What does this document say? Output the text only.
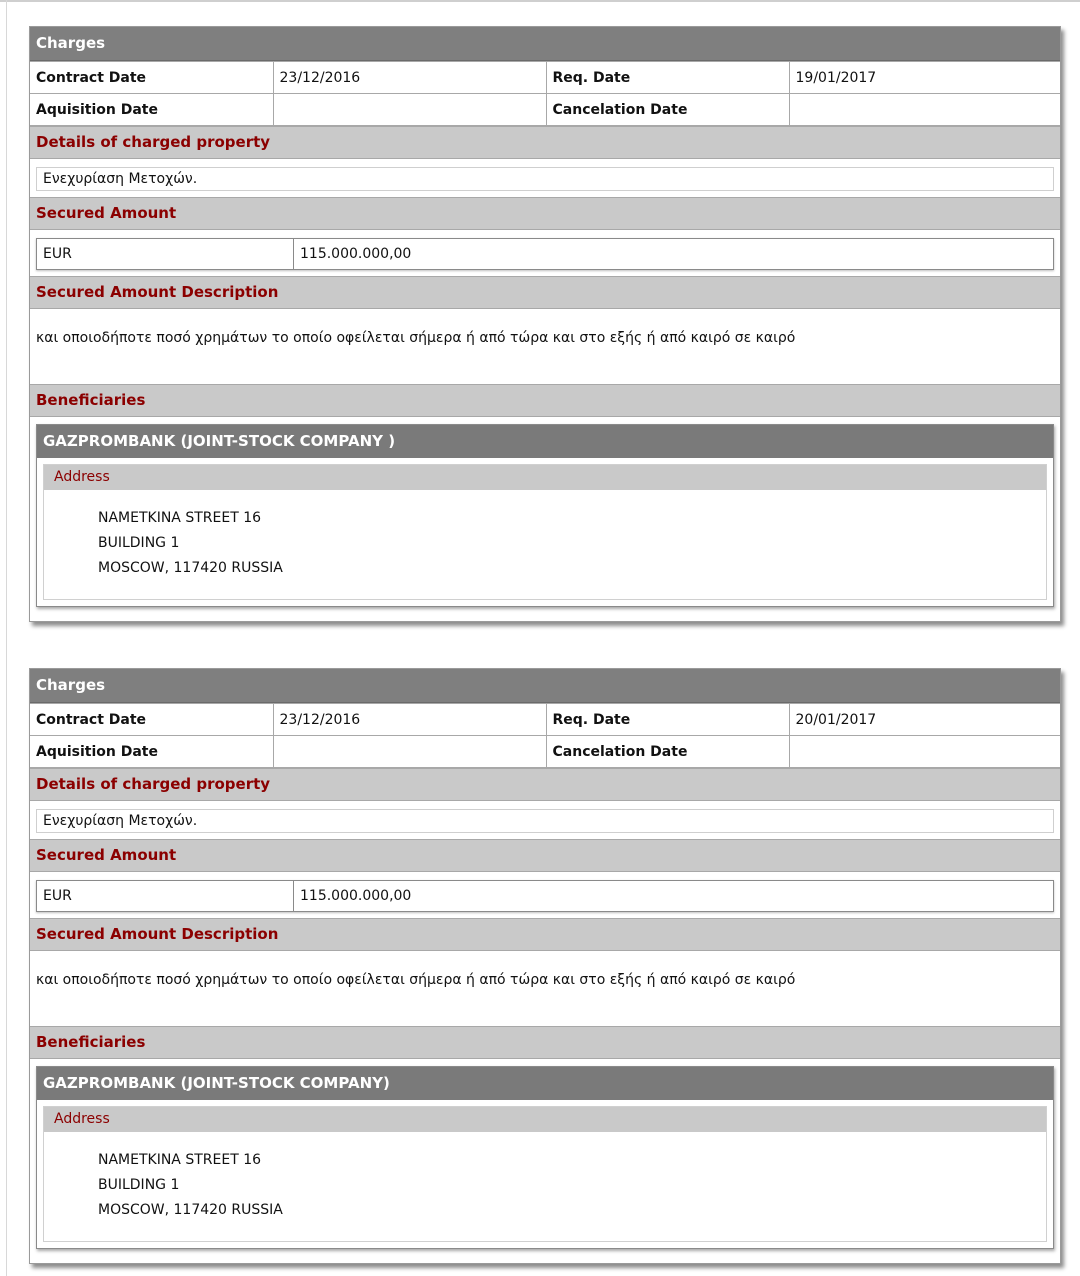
Charges
Contract Date	23/12/2016	Req. Date	19/01/2017
Aquisition Date		Cancelation Date	
Details of charged property
Ενεχυρίαση Μετοχών.
Secured Amount
EUR	115.000.000,00
Secured Amount Description
και οποιοδήποτε ποσό χρημάτων το οποίο οφείλεται σήμερα ή από τώρα και στο εξής ή από καιρό σε καιρό
Beneficiaries
GAZPROMBANK (JOINT-STOCK COMPANY )
Address
NAMETKINA STREET 16
BUILDING 1
MOSCOW, 117420 RUSSIA
Charges
Contract Date	23/12/2016	Req. Date	20/01/2017
Aquisition Date		Cancelation Date	
Details of charged property
Ενεχυρίαση Μετοχών.
Secured Amount
EUR	115.000.000,00
Secured Amount Description
και οποιοδήποτε ποσό χρημάτων το οποίο οφείλεται σήμερα ή από τώρα και στο εξής ή από καιρό σε καιρό
Beneficiaries
GAZPROMBANK (JOINT-STOCK COMPANY)
Address
NAMETKINA STREET 16
BUILDING 1
MOSCOW, 117420 RUSSIA
